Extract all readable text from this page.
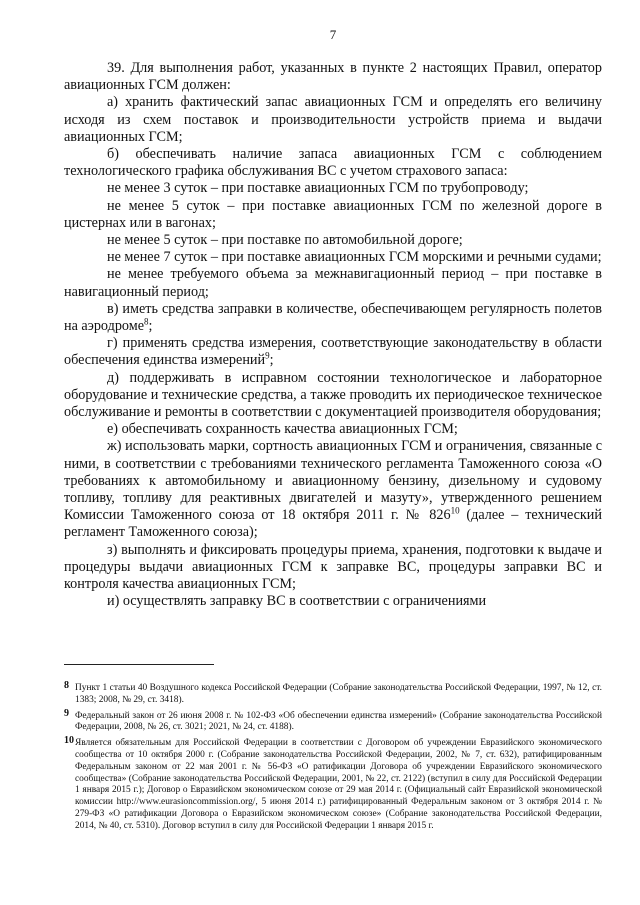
7

39. Для выполнения работ, указанных в пункте 2 настоящих Правил, оператор авиационных ГСМ должен:

а) хранить фактический запас авиационных ГСМ и определять его величину исходя из схем поставок и производительности устройств приема и выдачи авиационных ГСМ;

б) обеспечивать наличие запаса авиационных ГСМ с соблюдением технологического графика обслуживания ВС с учетом страхового запаса:

не менее 3 суток – при поставке авиационных ГСМ по трубопроводу;

не менее 5 суток – при поставке авиационных ГСМ по железной дороге в цистернах или в вагонах;

не менее 5 суток – при поставке по автомобильной дороге;

не менее 7 суток – при поставке авиационных ГСМ морскими и речными судами;

не менее требуемого объема за межнавигационный период – при поставке в навигационный период;

в) иметь средства заправки в количестве, обеспечивающем регулярность полетов на аэродроме$^8$;

г) применять средства измерения, соответствующие законодательству в области обеспечения единства измерений$^9$;

д) поддерживать в исправном состоянии технологическое и лабораторное оборудование и технические средства, а также проводить их периодическое техническое обслуживание и ремонты в соответствии с документацией производителя оборудования;

е) обеспечивать сохранность качества авиационных ГСМ;

ж) использовать марки, сортность авиационных ГСМ и ограничения, связанные с ними, в соответствии с требованиями технического регламента Таможенного союза «О требованиях к автомобильному и авиационному бензину, дизельному и судовому топливу, топливу для реактивных двигателей и мазуту», утвержденного решением Комиссии Таможенного союза от 18 октября 2011 г. № $826^{10}$ (далее – технический регламент Таможенного союза);

з) выполнять и фиксировать процедуры приема, хранения, подготовки к выдаче и процедуры выдачи авиационных ГСМ к заправке ВС, процедуры заправки ВС и контроля качества авиационных ГСМ;

и) осуществлять заправку ВС в соответствии с ограничениями

8 Пункт 1 статьи 40 Воздушного кодекса Российской Федерации (Собрание законодательства Российской Федерации, 1997, № 12, ст. 1383; 2008, № 29, ст. 3418).
9 Федеральный закон от 26 июня 2008 г. № 102-ФЗ «Об обеспечении единства измерений» (Собрание законодательства Российской Федерации, 2008, № 26, ст. 3021; 2021, № 24, ст. 4188).
10 Является обязательным для Российской Федерации в соответствии с Договором об учреждении Евразийского экономического сообщества от 10 октября 2000 г. (Собрание законодательства Российской Федерации, 2002, № 7, ст. 632), ратифицированным Федеральным законом от 22 мая 2001 г. № 56-ФЗ «О ратификации Договора об учреждении Евразийского экономического сообщества» (Собрание законодательства Российской Федерации, 2001, № 22, ст. 2122) (вступил в силу для Российской Федерации 1 января 2015 г.); Договор о Евразийском экономическом союзе от 29 мая 2014 г. (Официальный сайт Евразийской экономической комиссии http://www.eurasioncommission.org/, 5 июня 2014 г.) ратифицированный Федеральным законом от 3 октября 2014 г. № 279-ФЗ «О ратификации Договора о Евразийском экономическом союзе» (Собрание законодательства Российской Федерации, 2014, № 40, ст. 5310). Договор вступил в силу для Российской Федерации 1 января 2015 г.
